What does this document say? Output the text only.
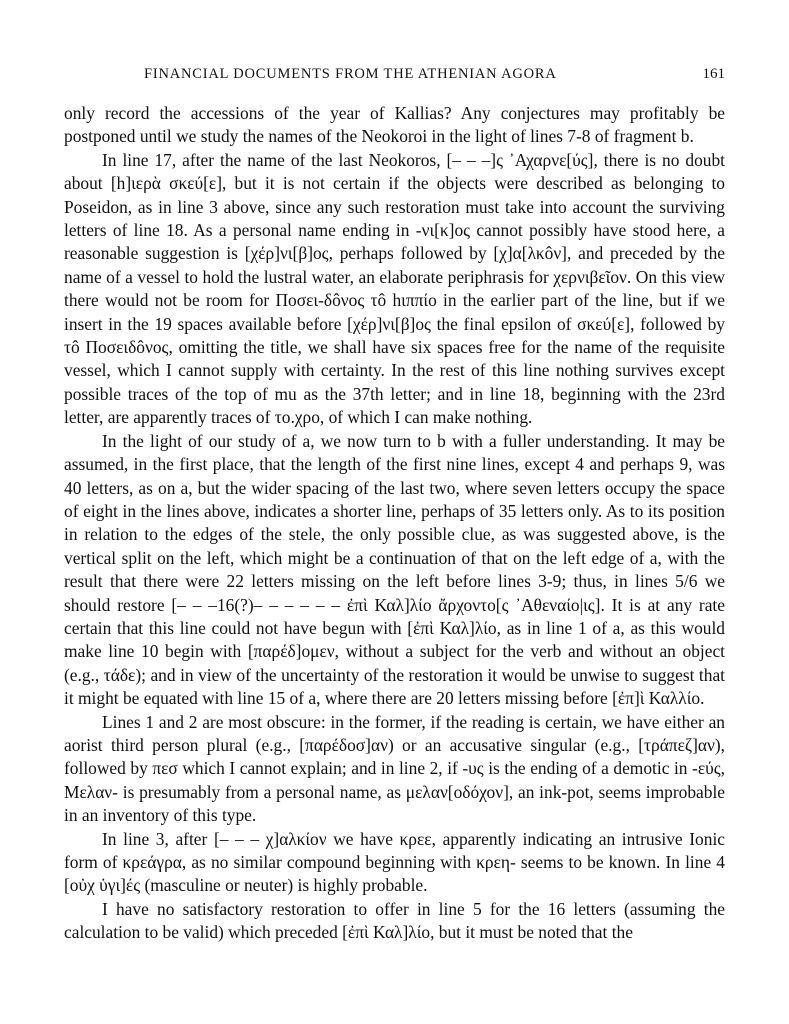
FINANCIAL DOCUMENTS FROM THE ATHENIAN AGORA	161

only record the accessions of the year of Kallias? Any conjectures may profitably be postponed until we study the names of the Neokoroi in the light of lines 7-8 of fragment b.

In line 17, after the name of the last Neokoros, [– – –]ς ᾿Αχαρνε[ύς], there is no doubt about [h]ιερὰ σκεύ[ε], but it is not certain if the objects were described as belonging to Poseidon, as in line 3 above, since any such restoration must take into account the surviving letters of line 18. As a personal name ending in -νι[κ]ος cannot possibly have stood here, a reasonable suggestion is [χέρ]νι[β]ος, perhaps followed by [χ]α[λκôν], and preceded by the name of a vessel to hold the lustral water, an elaborate periphrasis for χερνιβεῖον. On this view there would not be room for Ποσει-δôνος τô hιππίο in the earlier part of the line, but if we insert in the 19 spaces available before [χέρ]νι[β]ος the final epsilon of σκεύ[ε], followed by τô Ποσειδôνος, omitting the title, we shall have six spaces free for the name of the requisite vessel, which I cannot supply with certainty. In the rest of this line nothing survives except possible traces of the top of mu as the 37th letter; and in line 18, beginning with the 23rd letter, are apparently traces of το.χρο, of which I can make nothing.

In the light of our study of a, we now turn to b with a fuller understanding. It may be assumed, in the first place, that the length of the first nine lines, except 4 and perhaps 9, was 40 letters, as on a, but the wider spacing of the last two, where seven letters occupy the space of eight in the lines above, indicates a shorter line, perhaps of 35 letters only. As to its position in relation to the edges of the stele, the only possible clue, as was suggested above, is the vertical split on the left, which might be a continuation of that on the left edge of a, with the result that there were 22 letters missing on the left before lines 3-9; thus, in lines 5/6 we should restore [– – –16(?)– – – – – – ἐπὶ Καλ]λίο ἄρχοντο[ς ᾿Αθεναίο|ις]. It is at any rate certain that this line could not have begun with [ἐπὶ Καλ]λίο, as in line 1 of a, as this would make line 10 begin with [παρέδ]ομεν, without a subject for the verb and without an object (e.g., τάδε); and in view of the uncertainty of the restoration it would be unwise to suggest that it might be equated with line 15 of a, where there are 20 letters missing before [ἐπ]ὶ Καλλίο.

Lines 1 and 2 are most obscure: in the former, if the reading is certain, we have either an aorist third person plural (e.g., [παρέδοσ]αν) or an accusative singular (e.g., [τράπεζ]αν), followed by πεσ which I cannot explain; and in line 2, if -υς is the ending of a demotic in -εύς, Μελαν- is presumably from a personal name, as μελαν[οδόχον], an ink-pot, seems improbable in an inventory of this type.

In line 3, after [– – – χ]αλκίον we have κρεε, apparently indicating an intrusive Ionic form of κρεάγρα, as no similar compound beginning with κρεη- seems to be known. In line 4 [οὐχ ὑγι]ές (masculine or neuter) is highly probable.

I have no satisfactory restoration to offer in line 5 for the 16 letters (assuming the calculation to be valid) which preceded [ἐπὶ Καλ]λίο, but it must be noted that the
